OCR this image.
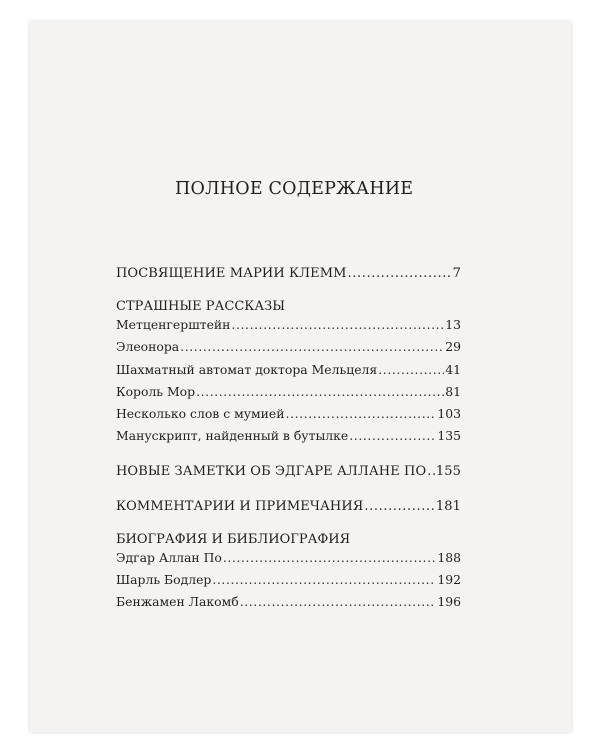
ПОЛНОЕ СОДЕРЖАНИЕ
ПОСВЯЩЕНИЕ МАРИИ КЛЕММ .....	7
СТРАШНЫЕ РАССКАЗЫ
Метценгерштейн .....	13
Элеонора .....	29
Шахматный автомат доктора Мельцеля .....	41
Король Мор .....	81
Несколько слов с мумией .....	103
Манускрипт, найденный в бутылке .....	135
НОВЫЕ ЗАМЕТКИ ОБ ЭДГАРЕ АЛЛАНЕ ПО ..... 155
КОММЕНТАРИИ И ПРИМЕЧАНИЯ .....	181
БИОГРАФИЯ И БИБЛИОГРАФИЯ
Эдгар Аллан По .....	188
Шарль Бодлер .....	192
Бенжамен Лакомб .....	196
